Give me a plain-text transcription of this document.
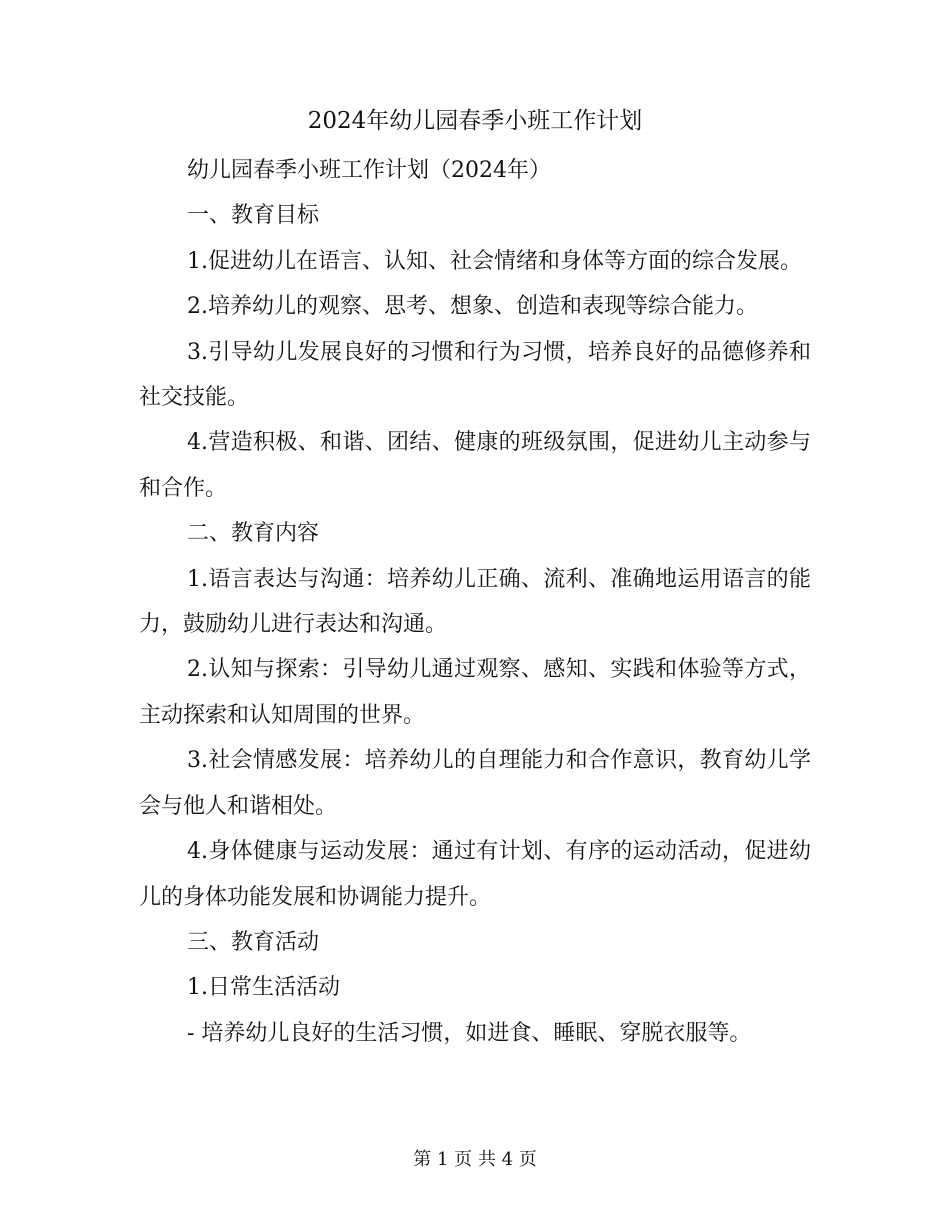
2024年幼儿园春季小班工作计划

幼儿园春季小班工作计划（2024年）

一、教育目标

1.促进幼儿在语言、认知、社会情绪和身体等方面的综合发展。

2.培养幼儿的观察、思考、想象、创造和表现等综合能力。

3.引导幼儿发展良好的习惯和行为习惯，培养良好的品德修养和社交技能。

4.营造积极、和谐、团结、健康的班级氛围，促进幼儿主动参与和合作。

二、教育内容

1.语言表达与沟通：培养幼儿正确、流利、准确地运用语言的能力，鼓励幼儿进行表达和沟通。

2.认知与探索：引导幼儿通过观察、感知、实践和体验等方式，主动探索和认知周围的世界。

3.社会情感发展：培养幼儿的自理能力和合作意识，教育幼儿学会与他人和谐相处。

4.身体健康与运动发展：通过有计划、有序的运动活动，促进幼儿的身体功能发展和协调能力提升。

三、教育活动

1.日常生活活动

- 培养幼儿良好的生活习惯，如进食、睡眠、穿脱衣服等。

第 1 页 共 4 页
